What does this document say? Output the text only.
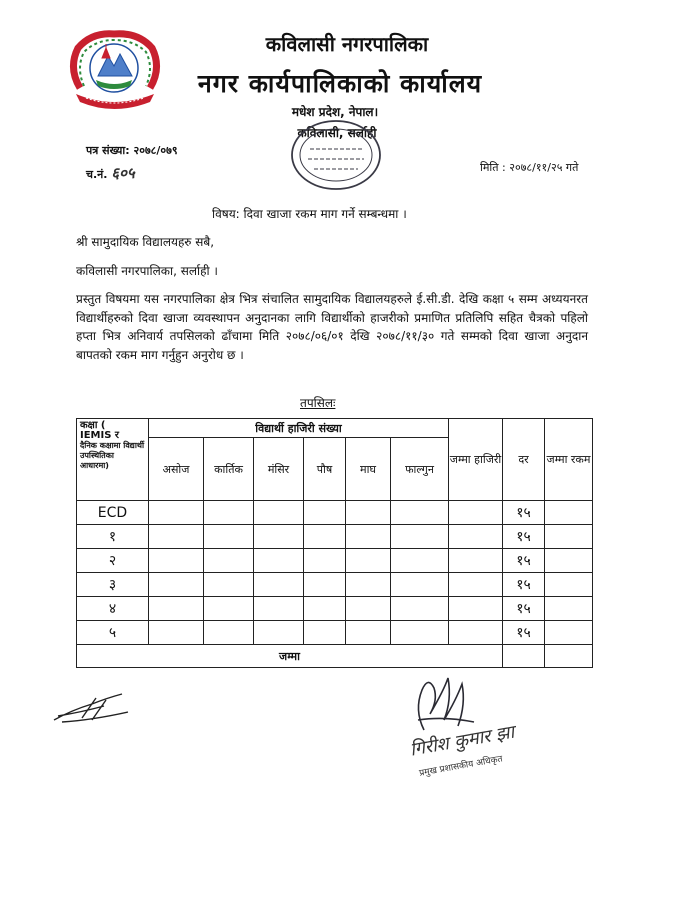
कविलासी नगरपालिका
नगर कार्यपालिकाको कार्यालय
मधेश प्रदेश, नेपाल।
कविलासी, सर्लाही
पत्र संख्या: २०७८/०७९
च.नं. ६०५	मिति : २०७८/११/२५ गते
विषय: दिवा खाजा रकम माग गर्ने सम्बन्धमा ।
श्री सामुदायिक विद्यालयहरु सबै,
कविलासी नगरपालिका, सर्लाही ।
प्रस्तुत विषयमा यस नगरपालिका क्षेत्र भित्र संचालित सामुदायिक विद्यालयहरुले ई.सी.डी. देखि कक्षा ५ सम्म अध्ययनरत विद्यार्थीहरुको दिवा खाजा व्यवस्थापन अनुदानका लागि विद्यार्थीको हाजरीको प्रमाणित प्रतिलिपि सहित चैत्रको पहिलो हप्ता भित्र अनिवार्य तपसिलको ढाँचामा मिति २०७८/०६/०१ देखि २०७८/११/३० गते सम्मको दिवा खाजा अनुदान बापतको रकम माग गर्नुहुन अनुरोध छ ।
तपसिलः
कक्षा (
IEMIS र
दैनिक कक्षामा विद्यार्थी उपस्थितिका आधारमा)	विद्यार्थी हाजिरी संख्या						जम्मा हाजिरी	दर	जम्मा रकम
	असोज	कार्तिक	मंसिर	पौष	माघ	फाल्गुन			
ECD								१५	
१								१५	
२								१५	
३								१५	
४								१५	
५								१५	
जम्मा									
गिरीश कुमार झा
प्रमुख प्रशासकीय अधिकृत
